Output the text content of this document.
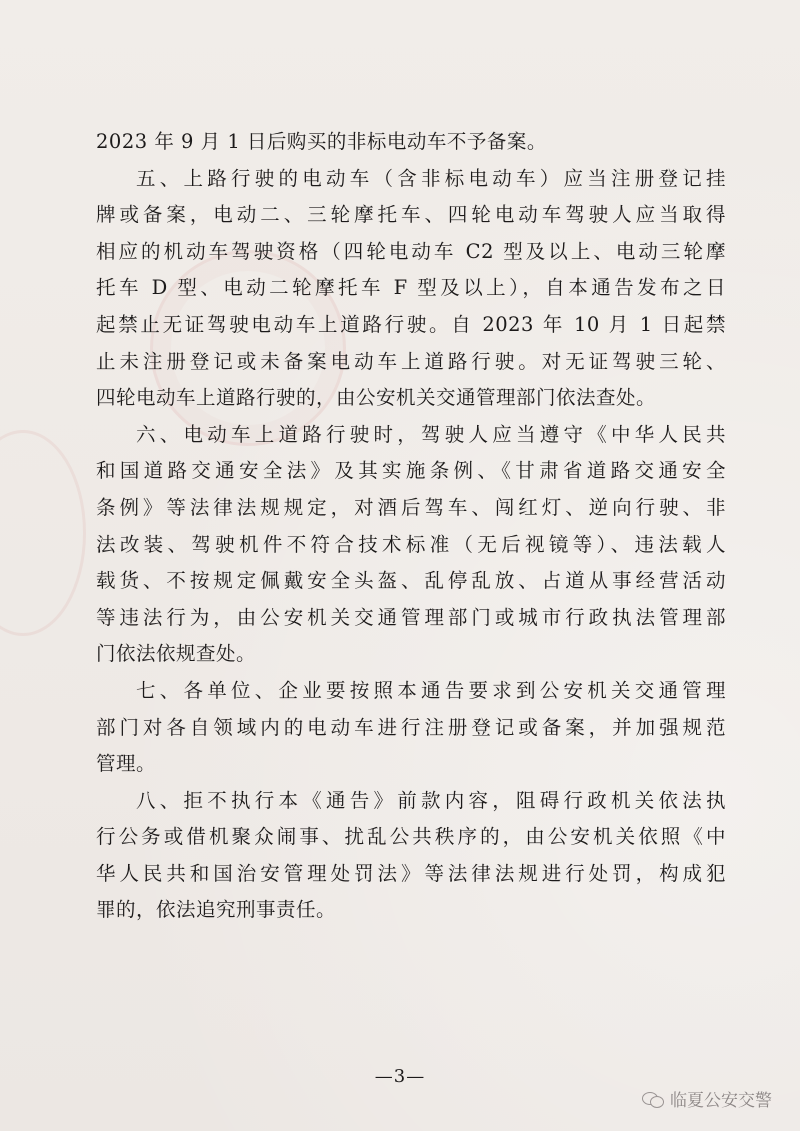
2023 年 9 月 1 日后购买的非标电动车不予备案。
五、上路行驶的电动车（含非标电动车）应当注册登记挂
牌或备案，电动二、三轮摩托车、四轮电动车驾驶人应当取得
相应的机动车驾驶资格（四轮电动车 C2 型及以上、电动三轮摩
托车 D 型、电动二轮摩托车 F 型及以上），自本通告发布之日
起禁止无证驾驶电动车上道路行驶。自 2023 年 10 月 1 日起禁
止未注册登记或未备案电动车上道路行驶。对无证驾驶三轮、
四轮电动车上道路行驶的，由公安机关交通管理部门依法查处。
六、电动车上道路行驶时，驾驶人应当遵守《中华人民共
和国道路交通安全法》及其实施条例、《甘肃省道路交通安全
条例》等法律法规规定，对酒后驾车、闯红灯、逆向行驶、非
法改装、驾驶机件不符合技术标准（无后视镜等）、违法载人
载货、不按规定佩戴安全头盔、乱停乱放、占道从事经营活动
等违法行为，由公安机关交通管理部门或城市行政执法管理部
门依法依规查处。
七、各单位、企业要按照本通告要求到公安机关交通管理
部门对各自领域内的电动车进行注册登记或备案，并加强规范
管理。
八、拒不执行本《通告》前款内容，阻碍行政机关依法执
行公务或借机聚众闹事、扰乱公共秩序的，由公安机关依照《中
华人民共和国治安管理处罚法》等法律法规进行处罚，构成犯
罪的，依法追究刑事责任。
—3—
临夏公安交警
